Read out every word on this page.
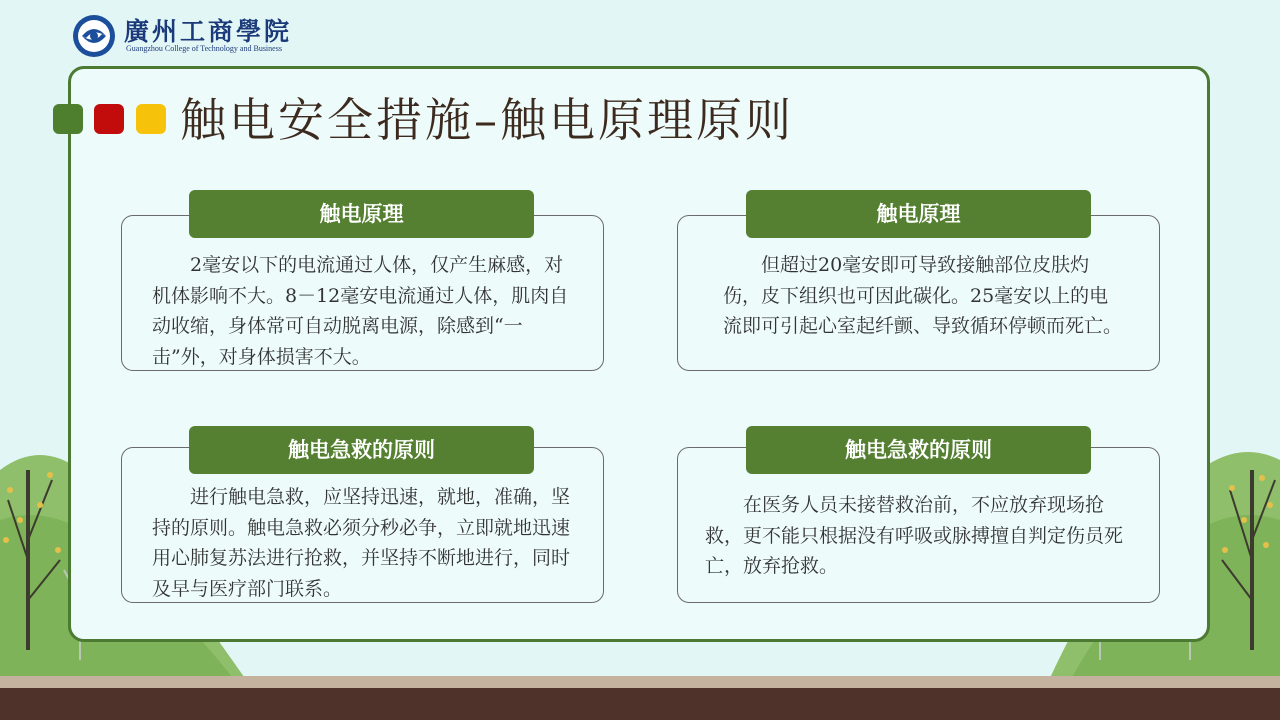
廣州工商學院
Guangzhou College of Technology and Business
触电安全措施–触电原理原则
触电原理
2毫安以下的电流通过人体，仅产生麻感，对机体影响不大。8－12毫安电流通过人体，肌肉自动收缩，身体常可自动脱离电源，除感到“一击”外，对身体损害不大。
触电原理
但超过20毫安即可导致接触部位皮肤灼伤，皮下组织也可因此碳化。25毫安以上的电流即可引起心室起纤颤、导致循环停顿而死亡。
触电急救的原则
进行触电急救，应坚持迅速，就地，准确，坚持的原则。触电急救必须分秒必争，立即就地迅速用心肺复苏法进行抢救，并坚持不断地进行，同时及早与医疗部门联系。
触电急救的原则
在医务人员未接替救治前，不应放弃现场抢救，更不能只根据没有呼吸或脉搏擅自判定伤员死亡，放弃抢救。
